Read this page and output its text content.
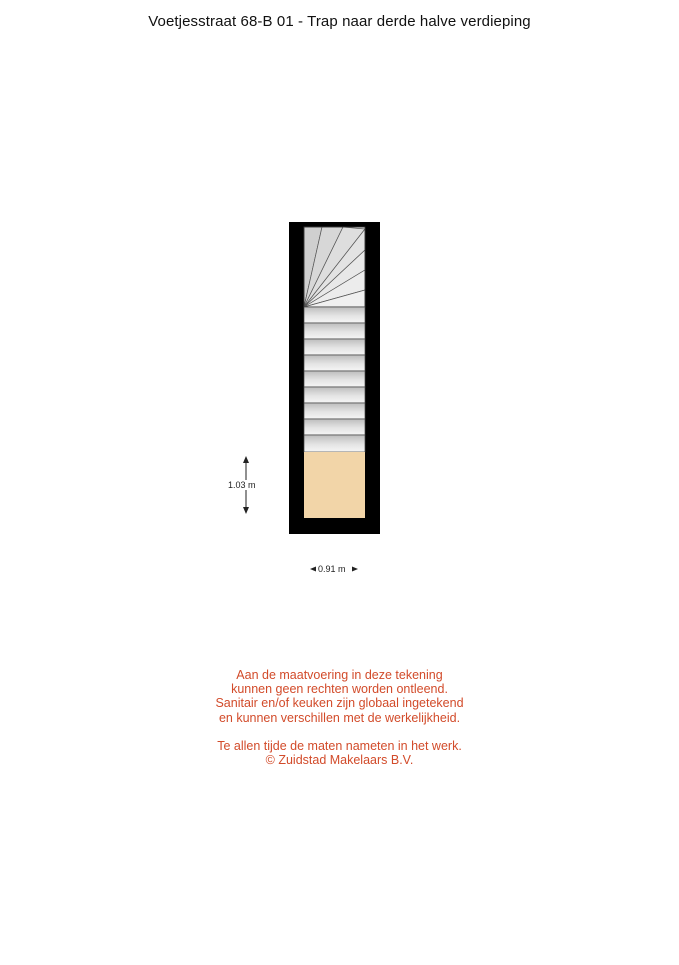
Voetjesstraat 68-B 01 - Trap naar derde halve verdieping
1.03 m
0.91 m
Aan de maatvoering in deze tekening
kunnen geen rechten worden ontleend.
Sanitair en/of keuken zijn globaal ingetekend
en kunnen verschillen met de werkelijkheid.
Te allen tijde de maten nameten in het werk.
© Zuidstad Makelaars B.V.
